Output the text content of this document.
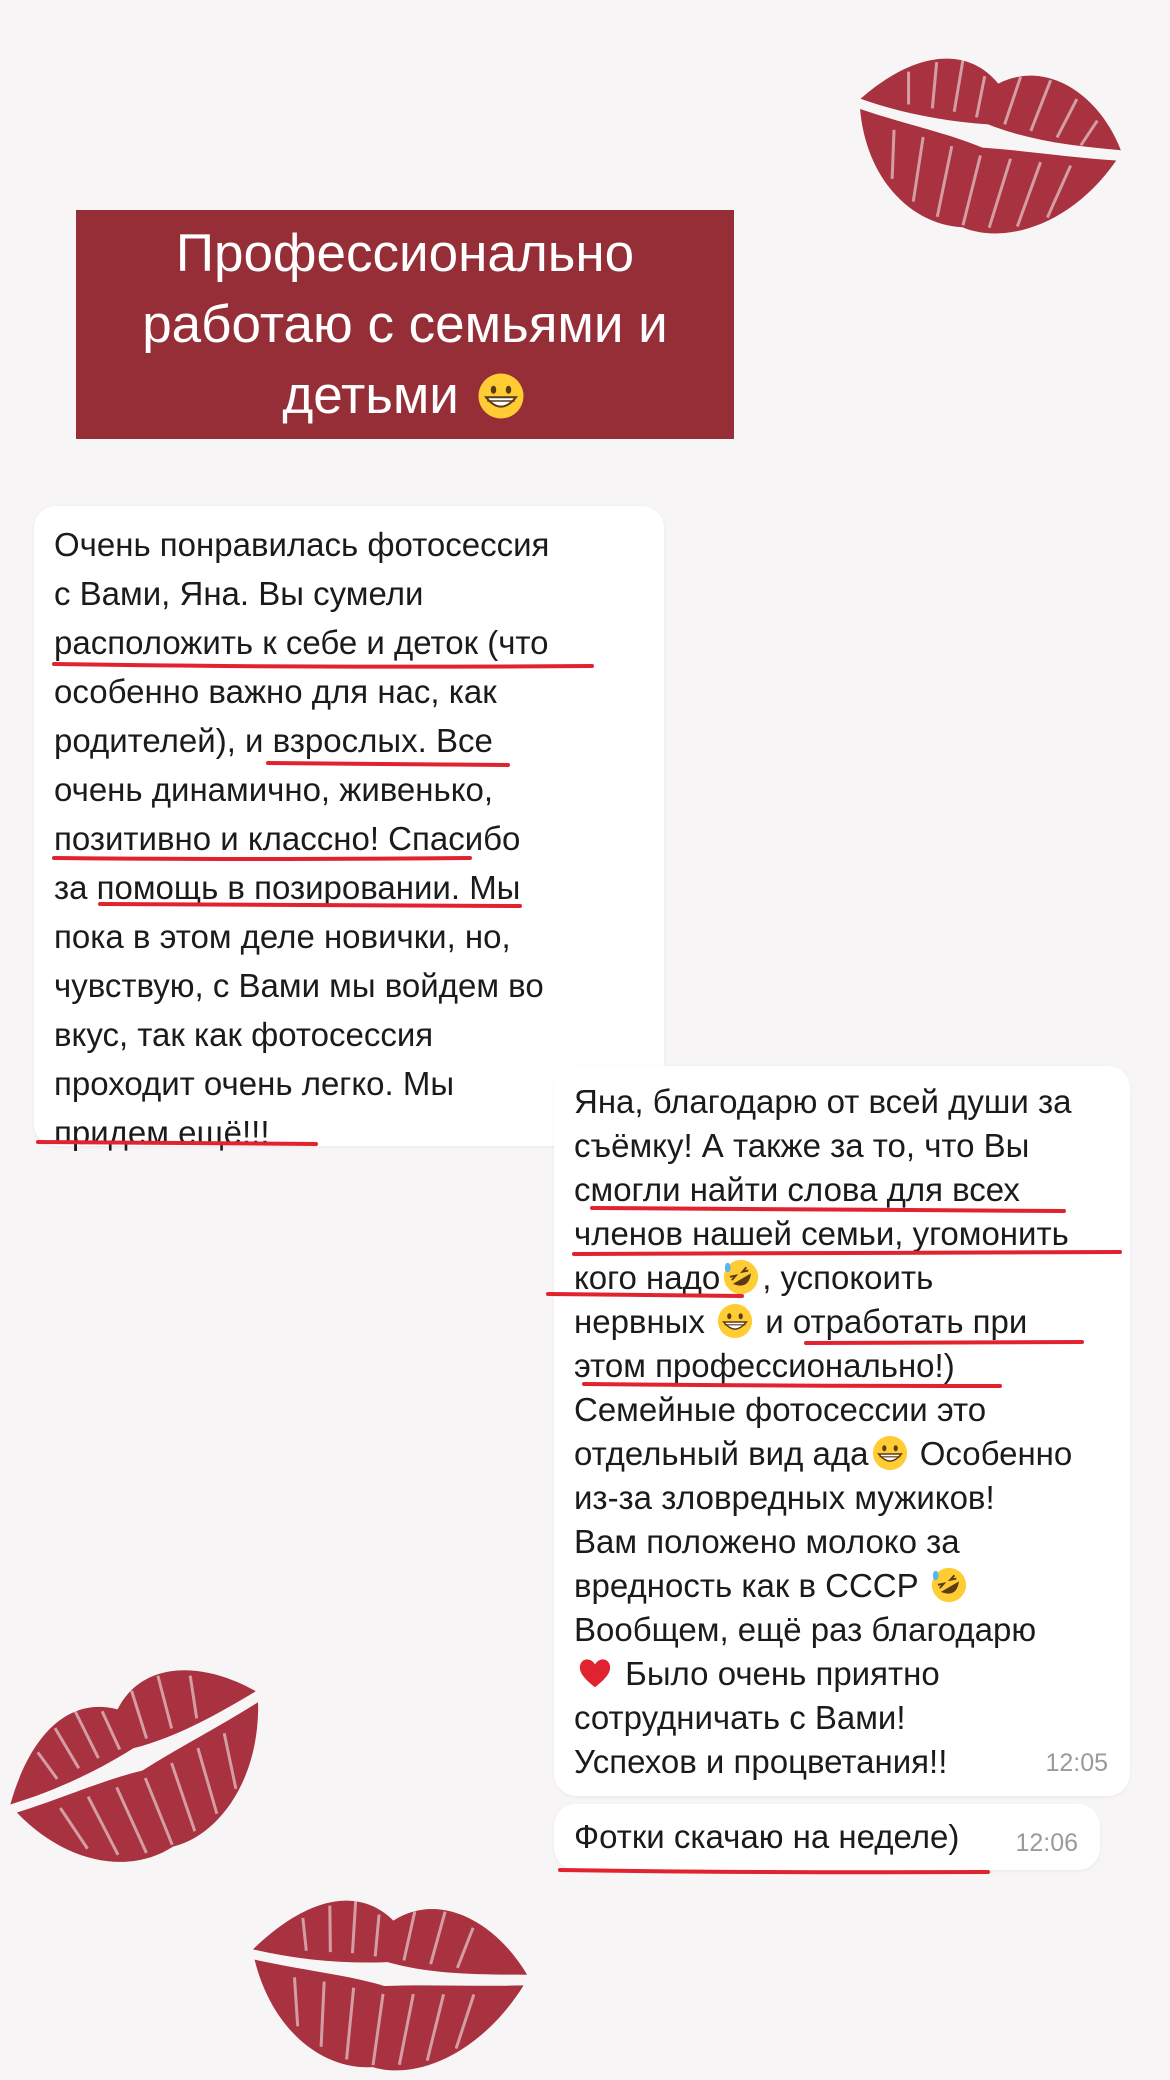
Профессионально
работаю с семьями и
детьми
Очень понравилась фотосессия
с Вами, Яна. Вы сумели
расположить к себе и деток (что
особенно важно для нас, как
родителей), и взрослых. Все
очень динамично, живенько,
позитивно и классно! Спасибо
за помощь в позировании. Мы
пока в этом деле новички, но,
чувствую, с Вами мы войдем во
вкус, так как фотосессия
проходит очень легко. Мы
придем ещё!!!
Яна, благодарю от всей души за
съёмку! А также за то, что Вы
смогли найти слова для всех
членов нашей семьи, угомонить
кого надо , успокоить
нервных и отработать при
этом профессионально!)
Семейные фотосессии это
отдельный вид ада Особенно
из-за зловредных мужиков!
Вам положено молоко за
вредность как в СССР
Вообщем, ещё раз благодарю
Было очень приятно
сотрудничать с Вами!
Успехов и процветания!!	12:05
Фотки скачаю на неделе) 12:06
